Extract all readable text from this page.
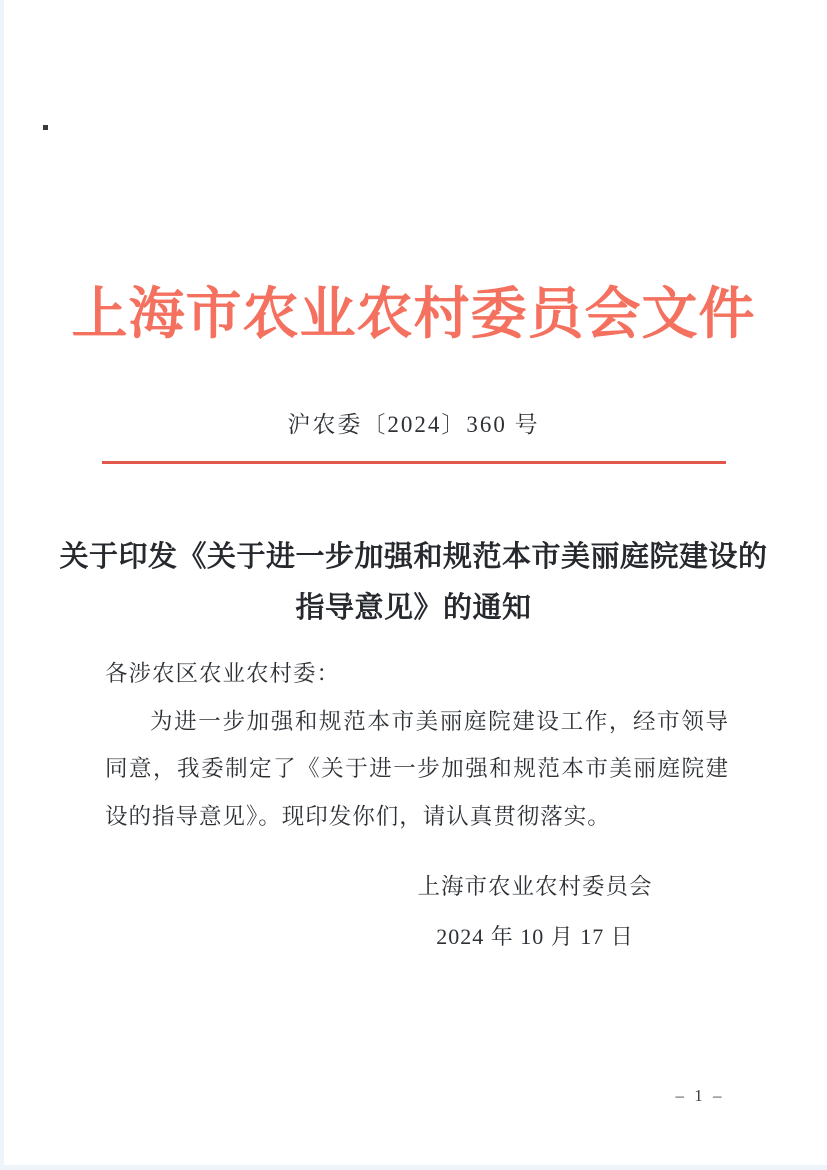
上海市农业农村委员会文件
沪农委〔2024〕360 号
关于印发《关于进一步加强和规范本市美丽庭院建设的
指导意见》的通知
各涉农区农业农村委：
为进一步加强和规范本市美丽庭院建设工作，经市领导同意，我委制定了《关于进一步加强和规范本市美丽庭院建设的指导意见》。现印发你们，请认真贯彻落实。
上海市农业农村委员会
2024 年 10 月 17 日
– 1 –
